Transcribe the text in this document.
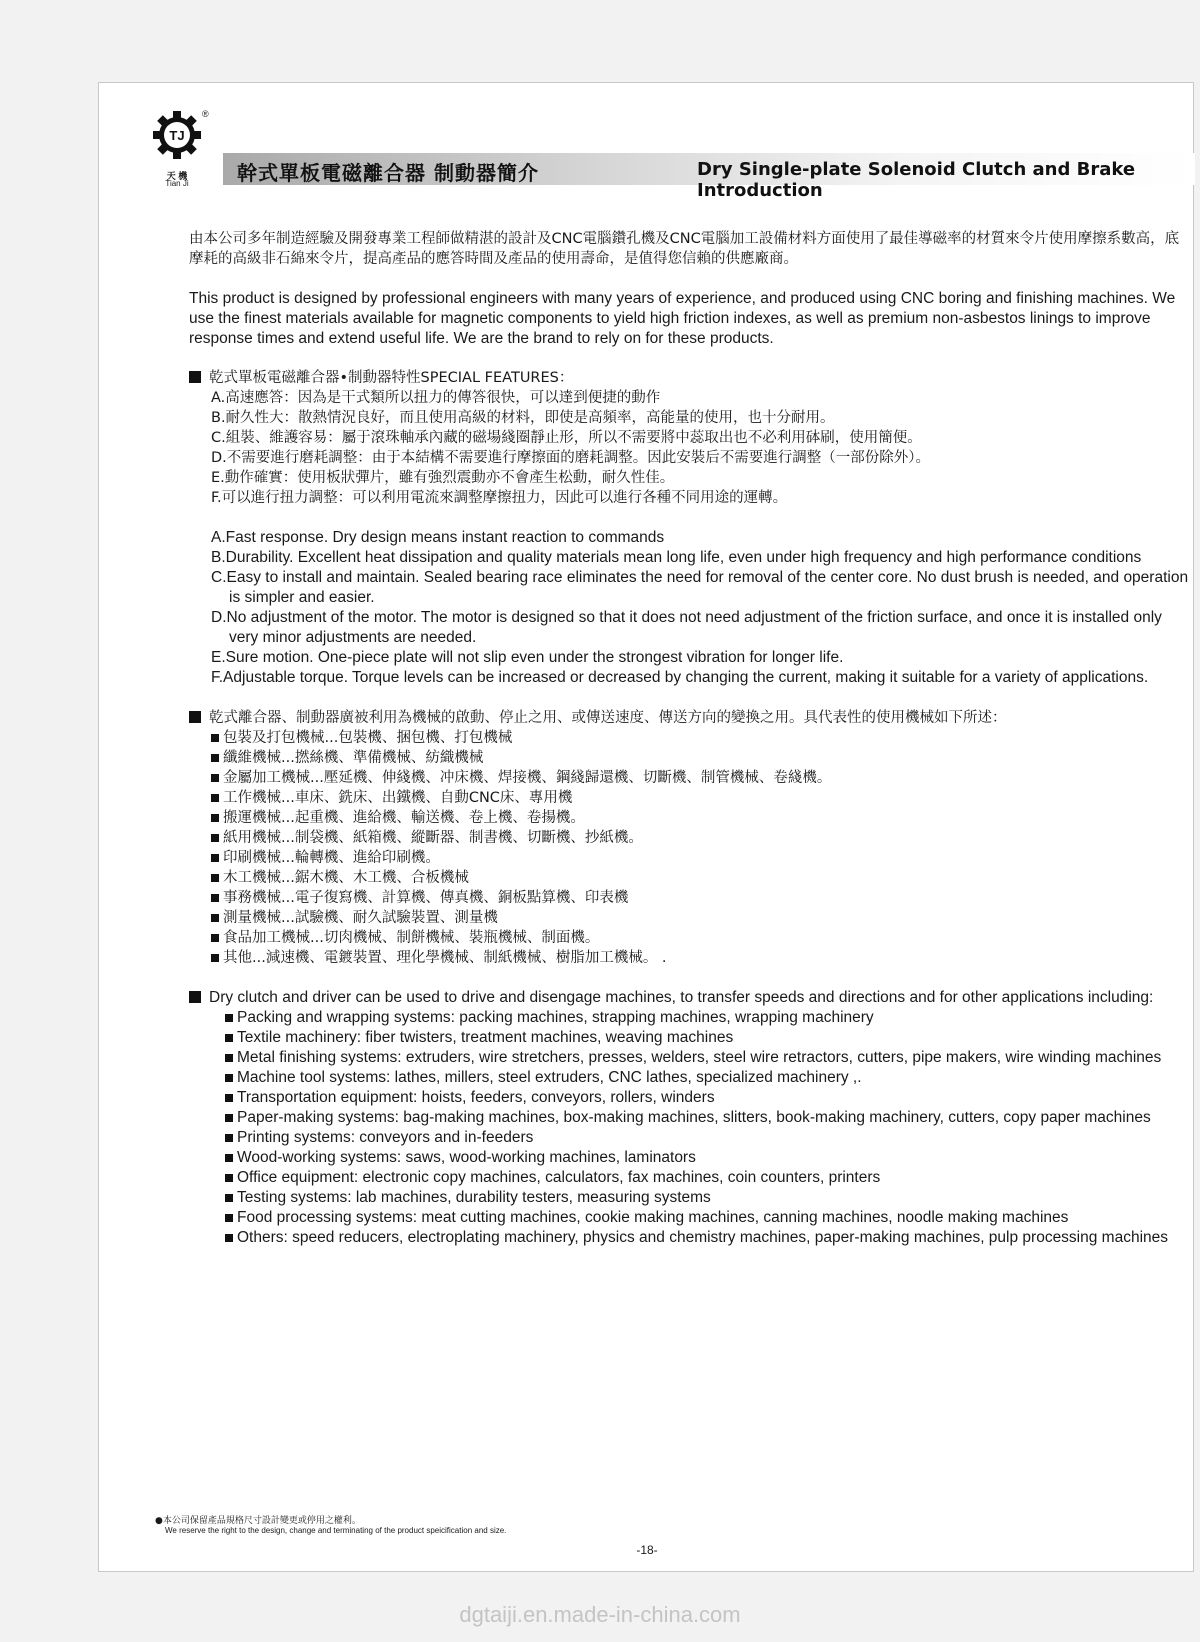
TJ
天 機
Tian Ji
®
幹式單板電磁離合器 制動器簡介	Dry Single-plate Solenoid Clutch and Brake Introduction

由本公司多年制造經驗及開發專業工程師做精湛的設計及CNC電腦鑽孔機及CNC電腦加工設備材料方面使用了最佳導磁率的材質來令片使用摩擦系數高，底摩耗的高級非石綿來令片，提高產品的應答時間及產品的使用壽命，是值得您信賴的供應廠商。

This product is designed by professional engineers with many years of experience, and produced using CNC boring and finishing machines. We use the finest materials available for magnetic components to yield high friction indexes, as well as premium non-asbestos linings to improve response times and extend useful life. We are the brand to rely on for these products.

乾式單板電磁離合器•制動器特性SPECIAL FEATURES：

A.高速應答：因為是干式類所以扭力的傳答很快，可以達到便捷的動作
B.耐久性大：散熱情況良好，而且使用高級的材料，即使是高頻率，高能量的使用，也十分耐用。
C.組裝、維護容易：屬于滾珠軸承內藏的磁場綫圈靜止形，所以不需要將中蕊取出也不必利用砵刷，使用簡便。
D.不需要進行磨耗調整：由于本結構不需要進行摩擦面的磨耗調整。因此安裝后不需要進行調整（一部份除外）。
E.動作確實：使用板狀彈片，雖有強烈震動亦不會產生松動，耐久性佳。
F.可以進行扭力調整：可以利用電流來調整摩擦扭力，因此可以進行各種不同用途的運轉。
A.Fast response. Dry design means instant reaction to commands
B.Durability. Excellent heat dissipation and quality materials mean long life, even under high frequency and high performance conditions
C.Easy to install and maintain. Sealed bearing race eliminates the need for removal of the center core. No dust brush is needed, and operation is simpler and easier.
D.No adjustment of the motor. The motor is designed so that it does not need adjustment of the friction surface, and once it is installed only very minor adjustments are needed.
E.Sure motion. One-piece plate will not slip even under the strongest vibration for longer life.
F.Adjustable torque. Torque levels can be increased or decreased by changing the current, making it suitable for a variety of applications.

乾式離合器、制動器廣被利用為機械的啟動、停止之用、或傳送速度、傳送方向的變換之用。具代表性的使用機械如下所述：

包裝及打包機械...包裝機、捆包機、打包機械
纖維機械...撚絲機、準備機械、紡織機械
金屬加工機械...壓延機、伸綫機、冲床機、焊接機、鋼綫歸還機、切斷機、制管機械、卷綫機。
工作機械...車床、銑床、出鐵機、自動CNC床、專用機
搬運機械...起重機、進給機、輸送機、卷上機、卷揚機。
紙用機械...制袋機、紙箱機、縱斷器、制書機、切斷機、抄紙機。
印刷機械...輪轉機、進給印刷機。
木工機械...鋸木機、木工機、合板機械
事務機械...電子復寫機、計算機、傳真機、銅板點算機、印表機
測量機械...試驗機、耐久試驗裝置、測量機
食品加工機械...切肉機械、制餅機械、裝瓶機械、制面機。
其他...減速機、電鍍裝置、理化學機械、制紙機械、樹脂加工機械。 .

Dry clutch and driver can be used to drive and disengage machines, to transfer speeds and directions and for other applications including:

Packing and wrapping systems: packing machines, strapping machines, wrapping machinery
Textile machinery: fiber twisters, treatment machines, weaving machines
Metal finishing systems: extruders, wire stretchers, presses, welders, steel wire retractors, cutters, pipe makers, wire winding machines
Machine tool systems: lathes, millers, steel extruders, CNC lathes, specialized machinery ,.
Transportation equipment: hoists, feeders, conveyors, rollers, winders
Paper-making systems: bag-making machines, box-making machines, slitters, book-making machinery, cutters, copy paper machines
Printing systems: conveyors and in-feeders
Wood-working systems: saws, wood-working machines, laminators
Office equipment: electronic copy machines, calculators, fax machines, coin counters, printers
Testing systems: lab machines, durability testers, measuring systems
Food processing systems: meat cutting machines, cookie making machines, canning machines, noodle making machines
Others: speed reducers, electroplating machinery, physics and chemistry machines, paper-making machines, pulp processing machines
●本公司保留產品規格尺寸設計變更或停用之權利。
We reserve the right to the design, change and terminating of the product speicification and size.
-18-
dgtaiji.en.made-in-china.com
